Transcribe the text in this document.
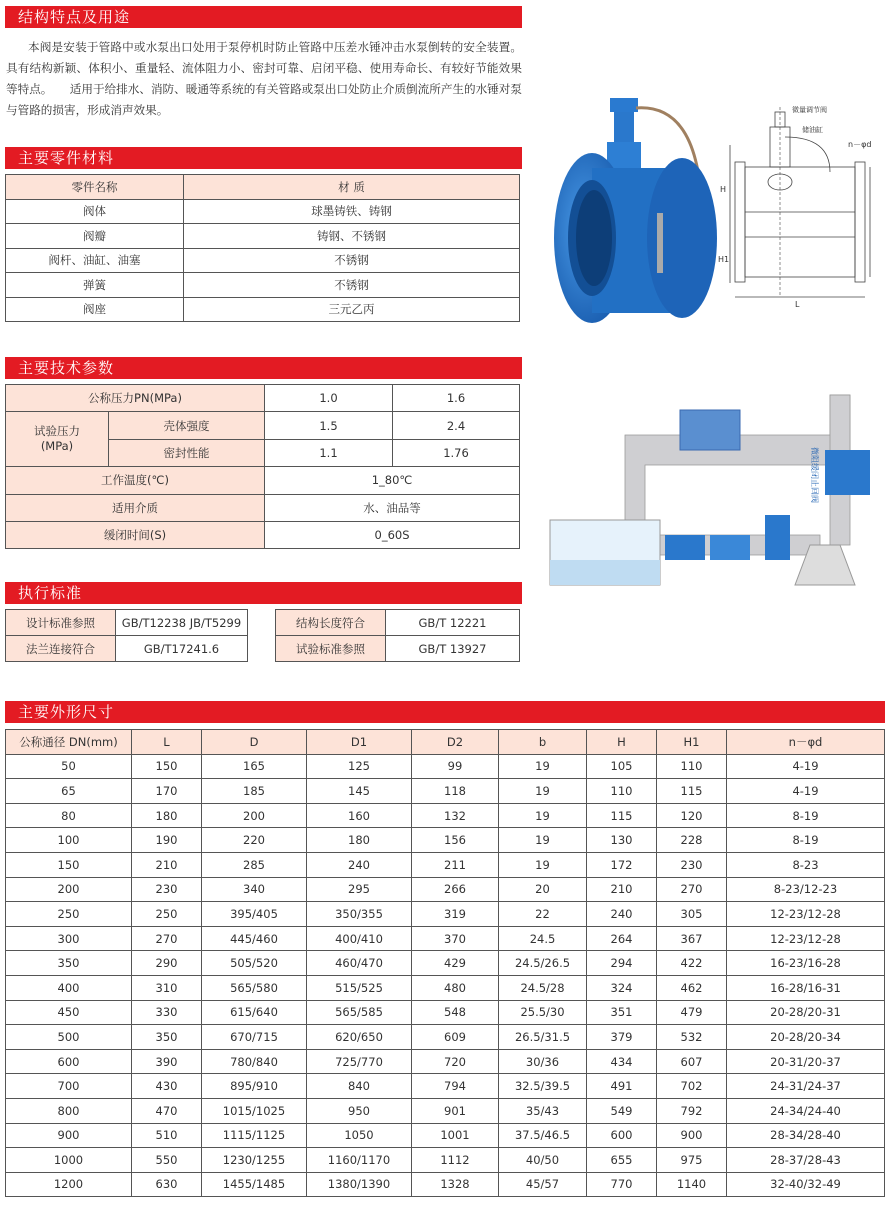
结构特点及用途
主要零件材料
主要技术参数
执行标准
主要外形尺寸
本阀是安装于管路中或水泵出口处用于泵停机时防止管路中压差水锤冲击水泵倒转的安全装置。具有结构新颖、体积小、重量轻、流体阻力小、密封可靠、启闭平稳、使用寿命长、有较好节能效果等特点。　　适用于给排水、消防、暖通等系统的有关管路或泵出口处防止介质倒流所产生的水锤对泵与管路的损害，形成消声效果。
零件名称	材 质
阀体	球墨铸铁、铸钢
阀瓣	铸钢、不锈钢
阀杆、油缸、油塞	不锈钢
弹簧	不锈钢
阀座	三元乙丙
公称压力PN(MPa)		1.0	1.6
试验压力
(MPa)	壳体强度	1.5	2.4
	密封性能	1.1	1.76
工作温度(℃)		1_80℃	
适用介质		水、油品等	
缓闭时间(S)		0_60S	
设计标准参照	GB/T12238 JB/T5299
法兰连接符合	GB/T17241.6
结构长度符合	GB/T 12221
试验标准参照	GB/T 13927
公称通径 DN(mm)	L	D	D1	D2	b	H	H1	n－φd
50	150	165	125	99	19	105	110	4-19
65	170	185	145	118	19	110	115	4-19
80	180	200	160	132	19	115	120	8-19
100	190	220	180	156	19	130	228	8-19
150	210	285	240	211	19	172	230	8-23
200	230	340	295	266	20	210	270	8-23/12-23
250	250	395/405	350/355	319	22	240	305	12-23/12-28
300	270	445/460	400/410	370	24.5	264	367	12-23/12-28
350	290	505/520	460/470	429	24.5/26.5	294	422	16-23/16-28
400	310	565/580	515/525	480	24.5/28	324	462	16-28/16-31
450	330	615/640	565/585	548	25.5/30	351	479	20-28/20-31
500	350	670/715	620/650	609	26.5/31.5	379	532	20-28/20-34
600	390	780/840	725/770	720	30/36	434	607	20-31/20-37
700	430	895/910	840	794	32.5/39.5	491	702	24-31/24-37
800	470	1015/1025	950	901	35/43	549	792	24-34/24-40
900	510	1115/1125	1050	1001	37.5/46.5	600	900	28-34/28-40
1000	550	1230/1255	1160/1170	1112	40/50	655	975	28-37/28-43
1200	630	1455/1485	1380/1390	1328	45/57	770	1140	32-40/32-49
微量调节阀
储油缸
n－φd
H
H1
L
微阻缓闭止回阀
